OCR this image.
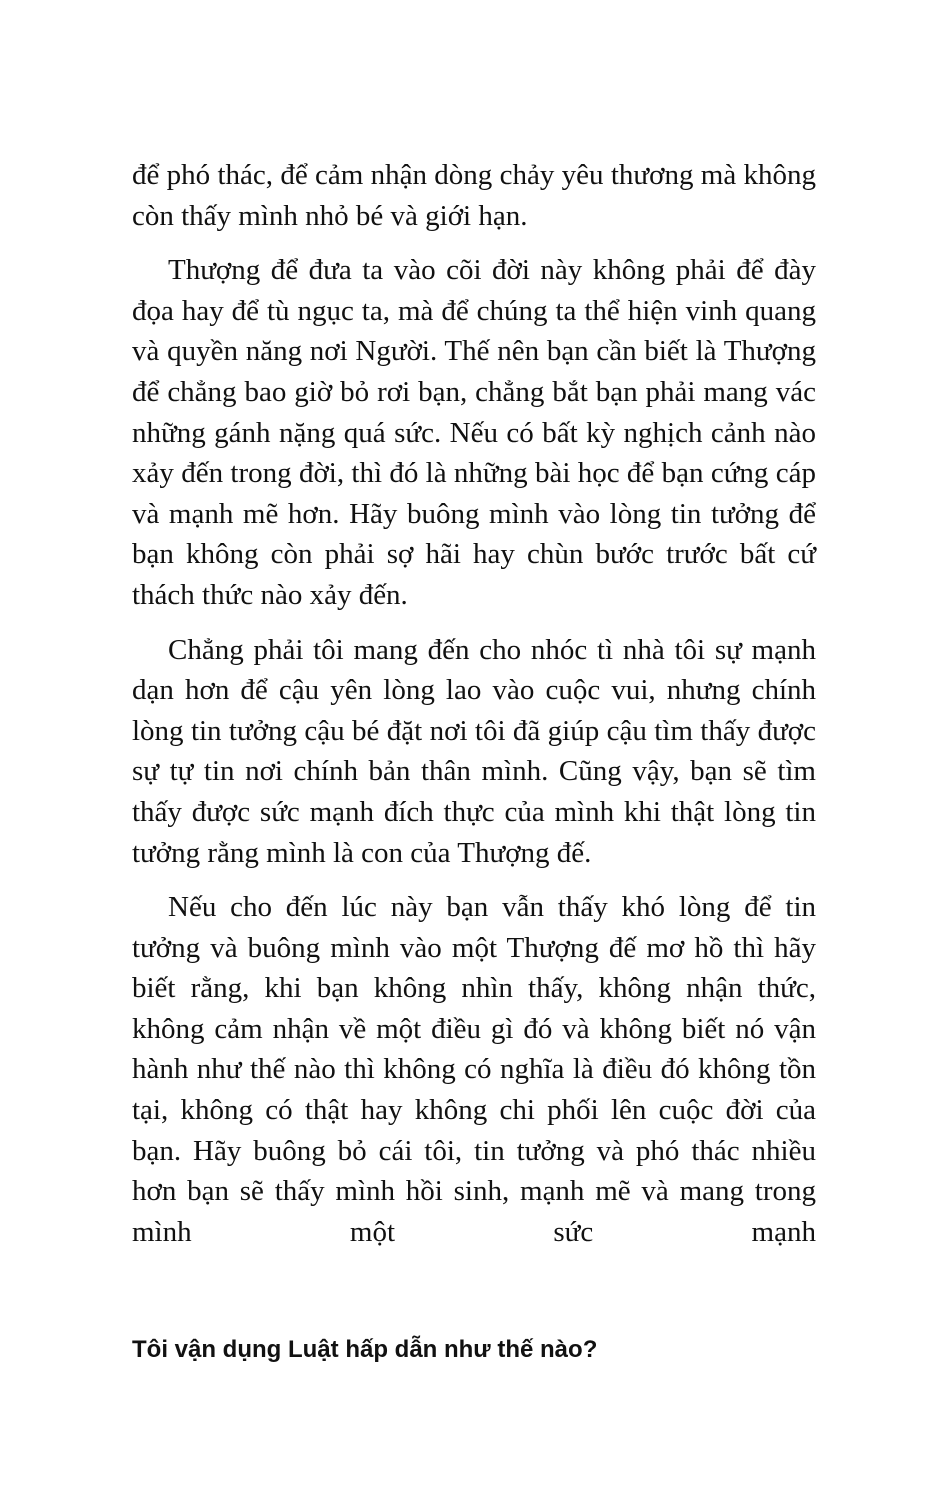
để phó thác, để cảm nhận dòng chảy yêu thương mà không còn thấy mình nhỏ bé và giới hạn.

Thượng để đưa ta vào cõi đời này không phải để đày đọa hay để tù ngục ta, mà để chúng ta thể hiện vinh quang và quyền năng nơi Người. Thế nên bạn cần biết là Thượng để chẳng bao giờ bỏ rơi bạn, chẳng bắt bạn phải mang vác những gánh nặng quá sức. Nếu có bất kỳ nghịch cảnh nào xảy đến trong đời, thì đó là những bài học để bạn cứng cáp và mạnh mẽ hơn. Hãy buông mình vào lòng tin tưởng để bạn không còn phải sợ hãi hay chùn bước trước bất cứ thách thức nào xảy đến.

Chẳng phải tôi mang đến cho nhóc tì nhà tôi sự mạnh dạn hơn để cậu yên lòng lao vào cuộc vui, nhưng chính lòng tin tưởng cậu bé đặt nơi tôi đã giúp cậu tìm thấy được sự tự tin nơi chính bản thân mình. Cũng vậy, bạn sẽ tìm thấy được sức mạnh đích thực của mình khi thật lòng tin tưởng rằng mình là con của Thượng đế.

Nếu cho đến lúc này bạn vẫn thấy khó lòng để tin tưởng và buông mình vào một Thượng đế mơ hồ thì hãy biết rằng, khi bạn không nhìn thấy, không nhận thức, không cảm nhận về một điều gì đó và không biết nó vận hành như thế nào thì không có nghĩa là điều đó không tồn tại, không có thật hay không chi phối lên cuộc đời của bạn. Hãy buông bỏ cái tôi, tin tưởng và phó thác nhiều hơn bạn sẽ thấy mình hồi sinh, mạnh mẽ và mang trong mình một sức mạnh

Tôi vận dụng Luật hấp dẫn như thế nào?
